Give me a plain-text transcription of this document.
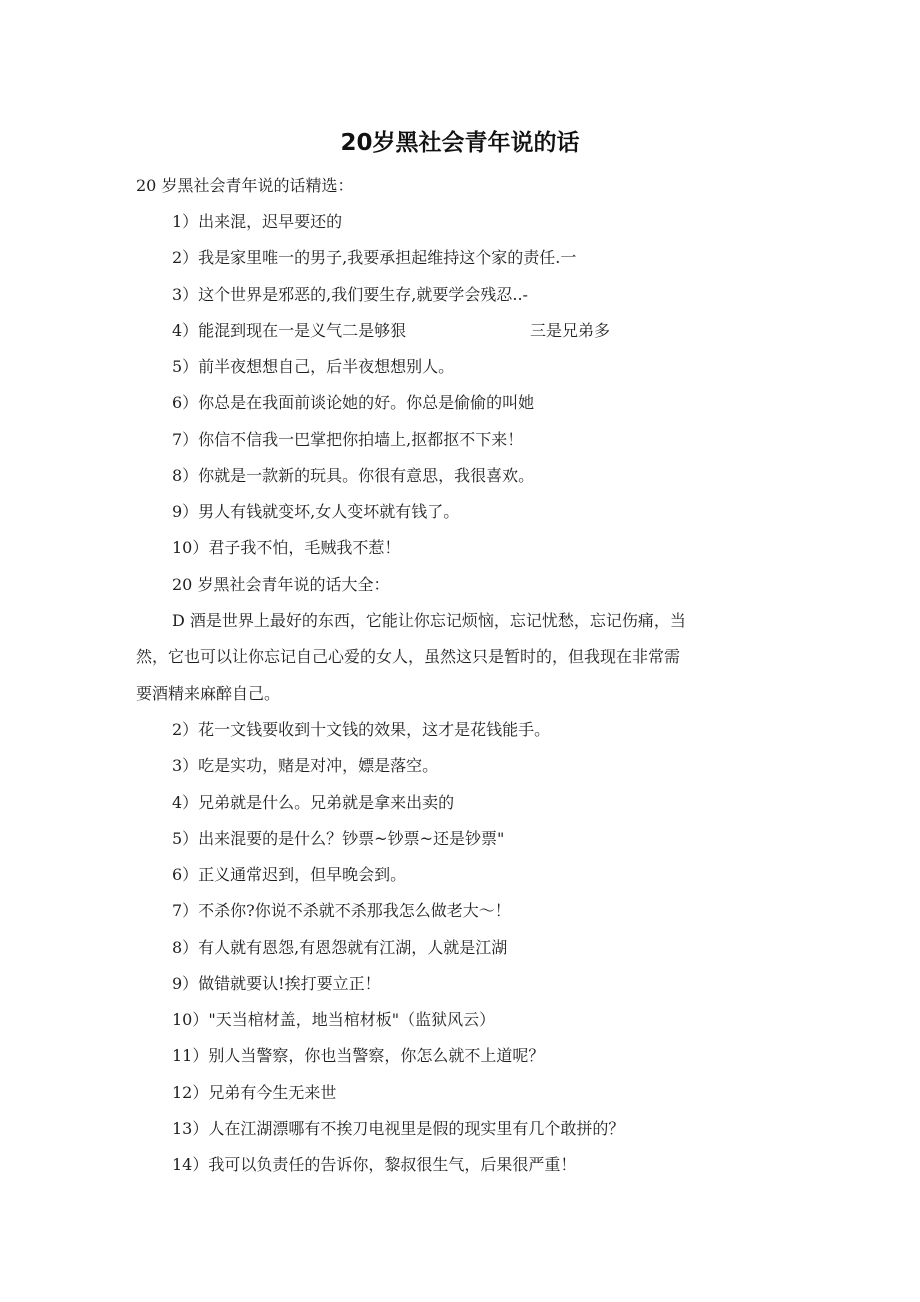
20岁黑社会青年说的话
20 岁黑社会青年说的话精选：
1）出来混，迟早要还的
2）我是家里唯一的男子,我要承担起维持这个家的责任.一
3）这个世界是邪恶的,我们要生存,就要学会残忍..-
4）能混到现在一是义气二是够狠	三是兄弟多
5）前半夜想想自己，后半夜想想别人。
6）你总是在我面前谈论她的好。你总是偷偷的叫她
7）你信不信我一巴掌把你拍墙上,抠都抠不下来！
8）你就是一款新的玩具。你很有意思，我很喜欢。
9）男人有钱就变坏,女人变坏就有钱了。
10）君子我不怕，毛贼我不惹！
20 岁黑社会青年说的话大全：
D 酒是世界上最好的东西，它能让你忘记烦恼，忘记忧愁，忘记伤痛，当
然，它也可以让你忘记自己心爱的女人，虽然这只是暂时的，但我现在非常需
要酒精来麻醉自己。
2）花一文钱要收到十文钱的效果，这才是花钱能手。
3）吃是实功，赌是对冲，嫖是落空。
4）兄弟就是什么。兄弟就是拿来出卖的
5）出来混要的是什么？钞票~钞票~还是钞票"
6）正义通常迟到，但早晚会到。
7）不杀你?你说不杀就不杀那我怎么做老大～！
8）有人就有恩怨,有恩怨就有江湖，人就是江湖
9）做错就要认!挨打要立正！
10）"天当棺材盖，地当棺材板"（监狱风云）
11）别人当警察，你也当警察，你怎么就不上道呢？
12）兄弟有今生无来世
13）人在江湖漂哪有不挨刀电视里是假的现实里有几个敢拼的？
14）我可以负责任的告诉你，黎叔很生气，后果很严重！
